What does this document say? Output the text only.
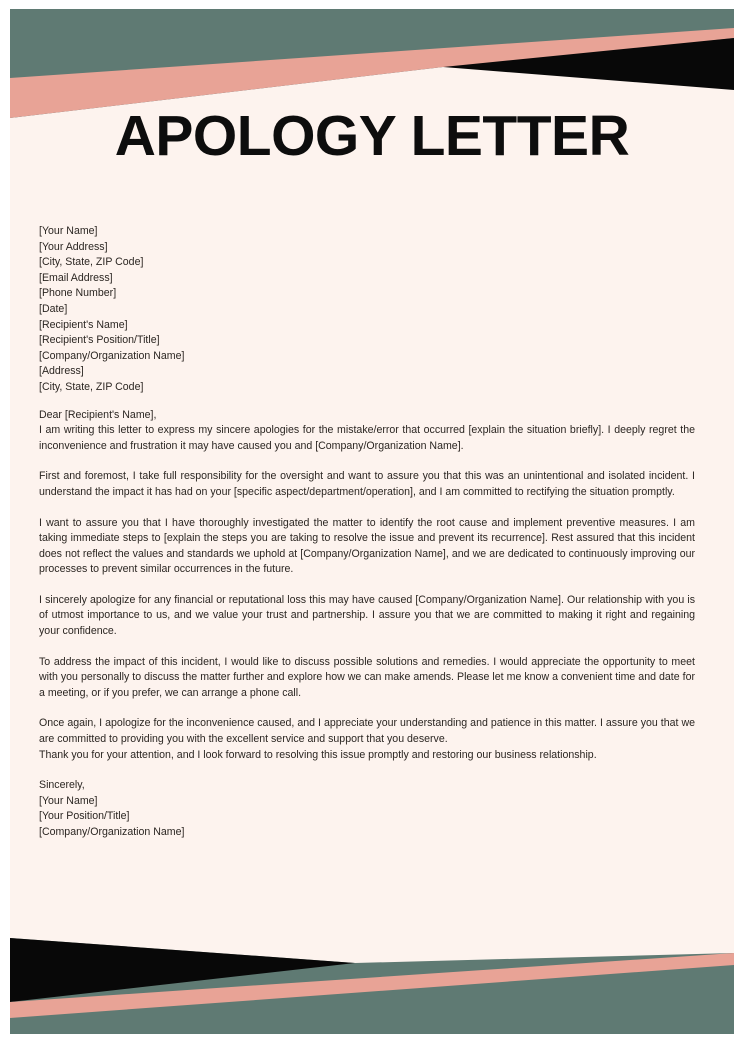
APOLOGY LETTER
[Your Name]
[Your Address]
[City, State, ZIP Code]
[Email Address]
[Phone Number]
[Date]
[Recipient's Name]
[Recipient's Position/Title]
[Company/Organization Name]
[Address]
[City, State, ZIP Code]

Dear [Recipient's Name],

I am writing this letter to express my sincere apologies for the mistake/error that occurred [explain the situation briefly]. I deeply regret the inconvenience and frustration it may have caused you and [Company/Organization Name].

First and foremost, I take full responsibility for the oversight and want to assure you that this was an unintentional and isolated incident. I understand the impact it has had on your [specific aspect/department/operation], and I am committed to rectifying the situation promptly.

I want to assure you that I have thoroughly investigated the matter to identify the root cause and implement preventive measures. I am taking immediate steps to [explain the steps you are taking to resolve the issue and prevent its recurrence]. Rest assured that this incident does not reflect the values and standards we uphold at [Company/Organization Name], and we are dedicated to continuously improving our processes to prevent similar occurrences in the future.

I sincerely apologize for any financial or reputational loss this may have caused [Company/Organization Name]. Our relationship with you is of utmost importance to us, and we value your trust and partnership. I assure you that we are committed to making it right and regaining your confidence.

To address the impact of this incident, I would like to discuss possible solutions and remedies. I would appreciate the opportunity to meet with you personally to discuss the matter further and explore how we can make amends. Please let me know a convenient time and date for a meeting, or if you prefer, we can arrange a phone call.

Once again, I apologize for the inconvenience caused, and I appreciate your understanding and patience in this matter. I assure you that we are committed to providing you with the excellent service and support that you deserve.

Thank you for your attention, and I look forward to resolving this issue promptly and restoring our business relationship.

Sincerely,
[Your Name]
[Your Position/Title]
[Company/Organization Name]
